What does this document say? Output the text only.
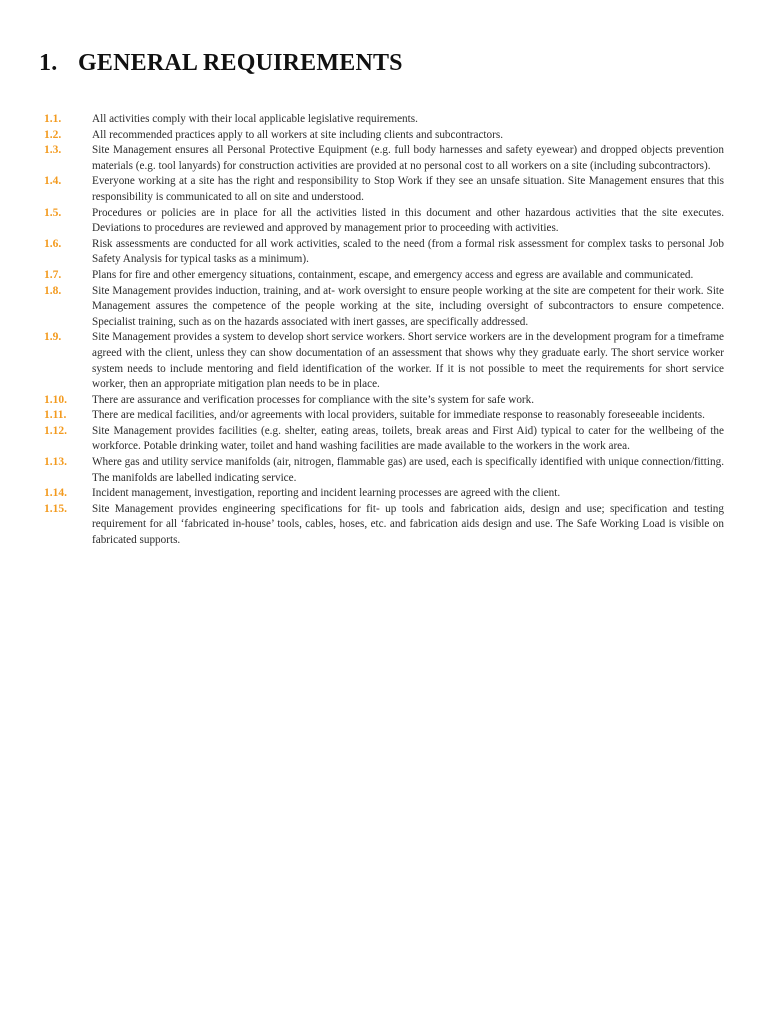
1. GENERAL REQUIREMENTS
1.1.	All activities comply with their local applicable legislative requirements.
1.2.	All recommended practices apply to all workers at site including clients and subcontractors.
1.3.	Site Management ensures all Personal Protective Equipment (e.g. full body harnesses and safety eyewear) and dropped objects prevention materials (e.g. tool lanyards) for construction activities are provided at no personal cost to all workers on a site (including subcontractors).
1.4.	Everyone working at a site has the right and responsibility to Stop Work if they see an unsafe situation. Site Management ensures that this responsibility is communicated to all on site and understood.
1.5.	Procedures or policies are in place for all the activities listed in this document and other hazardous activities that the site executes. Deviations to procedures are reviewed and approved by management prior to proceeding with activities.
1.6.	Risk assessments are conducted for all work activities, scaled to the need (from a formal risk assessment for complex tasks to personal Job Safety Analysis for typical tasks as a minimum).
1.7.	Plans for fire and other emergency situations, containment, escape, and emergency access and egress are available and communicated.
1.8.	Site Management provides induction, training, and at- work oversight to ensure people working at the site are competent for their work. Site Management assures the competence of the people working at the site, including oversight of subcontractors to ensure competence. Specialist training, such as on the hazards associated with inert gasses, are specifically addressed.
1.9.	Site Management provides a system to develop short service workers. Short service workers are in the development program for a timeframe agreed with the client, unless they can show documentation of an assessment that shows why they graduate early. The short service worker system needs to include mentoring and field identification of the worker. If it is not possible to meet the requirements for short service worker, then an appropriate mitigation plan needs to be in place.
1.10.	There are assurance and verification processes for compliance with the site’s system for safe work.
1.11.	There are medical facilities, and/or agreements with local providers, suitable for immediate response to reasonably foreseeable incidents.
1.12.	Site Management provides facilities (e.g. shelter, eating areas, toilets, break areas and First Aid) typical to cater for the wellbeing of the workforce. Potable drinking water, toilet and hand washing facilities are made available to the workers in the work area.
1.13.	Where gas and utility service manifolds (air, nitrogen, flammable gas) are used, each is specifically identified with unique connection/fitting. The manifolds are labelled indicating service.
1.14.	Incident management, investigation, reporting and incident learning processes are agreed with the client.
1.15.	Site Management provides engineering specifications for fit- up tools and fabrication aids, design and use; specification and testing requirement for all ‘fabricated in-house’ tools, cables, hoses, etc. and fabrication aids design and use. The Safe Working Load is visible on fabricated supports.
